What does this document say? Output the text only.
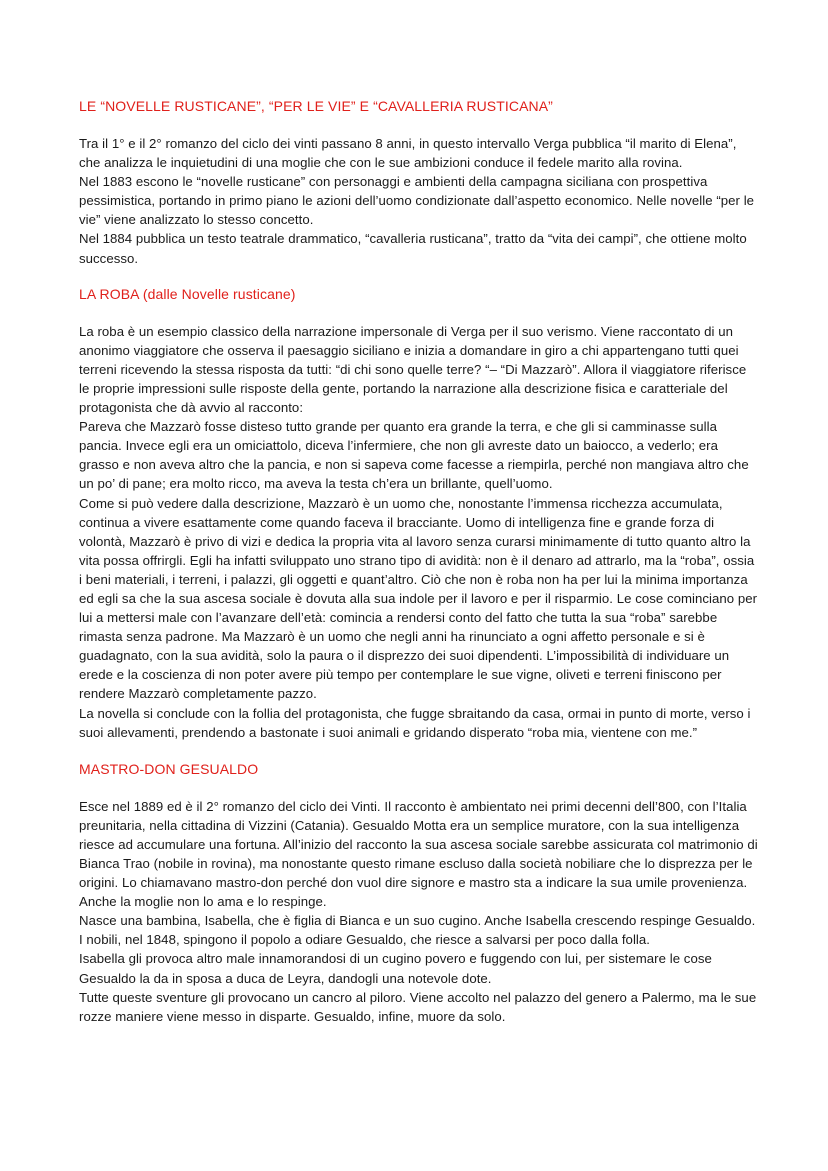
LE “NOVELLE RUSTICANE”, “PER LE VIE” E “CAVALLERIA RUSTICANA”

Tra il 1° e il 2° romanzo del ciclo dei vinti passano 8 anni, in questo intervallo Verga pubblica “il marito di Elena”, che analizza le inquietudini di una moglie che con le sue ambizioni conduce il fedele marito alla rovina.

Nel 1883 escono le “novelle rusticane” con personaggi e ambienti della campagna siciliana con prospettiva pessimistica, portando in primo piano le azioni dell’uomo condizionate dall’aspetto economico. Nelle novelle “per le vie” viene analizzato lo stesso concetto.

Nel 1884 pubblica un testo teatrale drammatico, “cavalleria rusticana”, tratto da “vita dei campi”, che ottiene molto successo.

LA ROBA (dalle Novelle rusticane)

La roba è un esempio classico della narrazione impersonale di Verga per il suo verismo. Viene raccontato di un anonimo viaggiatore che osserva il paesaggio siciliano e inizia a domandare in giro a chi appartengano tutti quei terreni ricevendo la stessa risposta da tutti: “di chi sono quelle terre? “– “Di Mazzarò”. Allora il viaggiatore riferisce le proprie impressioni sulle risposte della gente, portando la narrazione alla descrizione fisica e caratteriale del protagonista che dà avvio al racconto:

Pareva che Mazzarò fosse disteso tutto grande per quanto era grande la terra, e che gli si camminasse sulla pancia. Invece egli era un omiciattolo, diceva l’infermiere, che non gli avreste dato un baiocco, a vederlo; era grasso e non aveva altro che la pancia, e non si sapeva come facesse a riempirla, perché non mangiava altro che un po’ di pane; era molto ricco, ma aveva la testa ch’era un brillante, quell’uomo.

Come si può vedere dalla descrizione, Mazzarò è un uomo che, nonostante l’immensa ricchezza accumulata, continua a vivere esattamente come quando faceva il bracciante. Uomo di intelligenza fine e grande forza di volontà, Mazzarò è privo di vizi e dedica la propria vita al lavoro senza curarsi minimamente di tutto quanto altro la vita possa offrirgli. Egli ha infatti sviluppato uno strano tipo di avidità: non è il denaro ad attrarlo, ma la “roba”, ossia i beni materiali, i terreni, i palazzi, gli oggetti e quant’altro. Ciò che non è roba non ha per lui la minima importanza ed egli sa che la sua ascesa sociale è dovuta alla sua indole per il lavoro e per il risparmio. Le cose cominciano per lui a mettersi male con l’avanzare dell’età: comincia a rendersi conto del fatto che tutta la sua “roba” sarebbe rimasta senza padrone. Ma Mazzarò è un uomo che negli anni ha rinunciato a ogni affetto personale e si è guadagnato, con la sua avidità, solo la paura o il disprezzo dei suoi dipendenti. L’impossibilità di individuare un erede e la coscienza di non poter avere più tempo per contemplare le sue vigne, oliveti e terreni finiscono per rendere Mazzarò completamente pazzo.

La novella si conclude con la follia del protagonista, che fugge sbraitando da casa, ormai in punto di morte, verso i suoi allevamenti, prendendo a bastonate i suoi animali e gridando disperato “roba mia, vientene con me.”

MASTRO-DON GESUALDO

Esce nel 1889 ed è il 2° romanzo del ciclo dei Vinti. Il racconto è ambientato nei primi decenni dell’800, con l’Italia preunitaria, nella cittadina di Vizzini (Catania). Gesualdo Motta era un semplice muratore, con la sua intelligenza riesce ad accumulare una fortuna. All’inizio del racconto la sua ascesa sociale sarebbe assicurata col matrimonio di Bianca Trao (nobile in rovina), ma nonostante questo rimane escluso dalla società nobiliare che lo disprezza per le origini. Lo chiamavano mastro-don perché don vuol dire signore e mastro sta a indicare la sua umile provenienza. Anche la moglie non lo ama e lo respinge.

Nasce una bambina, Isabella, che è figlia di Bianca e un suo cugino. Anche Isabella crescendo respinge Gesualdo.

I nobili, nel 1848, spingono il popolo a odiare Gesualdo, che riesce a salvarsi per poco dalla folla.

Isabella gli provoca altro male innamorandosi di un cugino povero e fuggendo con lui, per sistemare le cose Gesualdo la da in sposa a duca de Leyra, dandogli una notevole dote.

Tutte queste sventure gli provocano un cancro al piloro. Viene accolto nel palazzo del genero a Palermo, ma le sue rozze maniere viene messo in disparte. Gesualdo, infine, muore da solo.
